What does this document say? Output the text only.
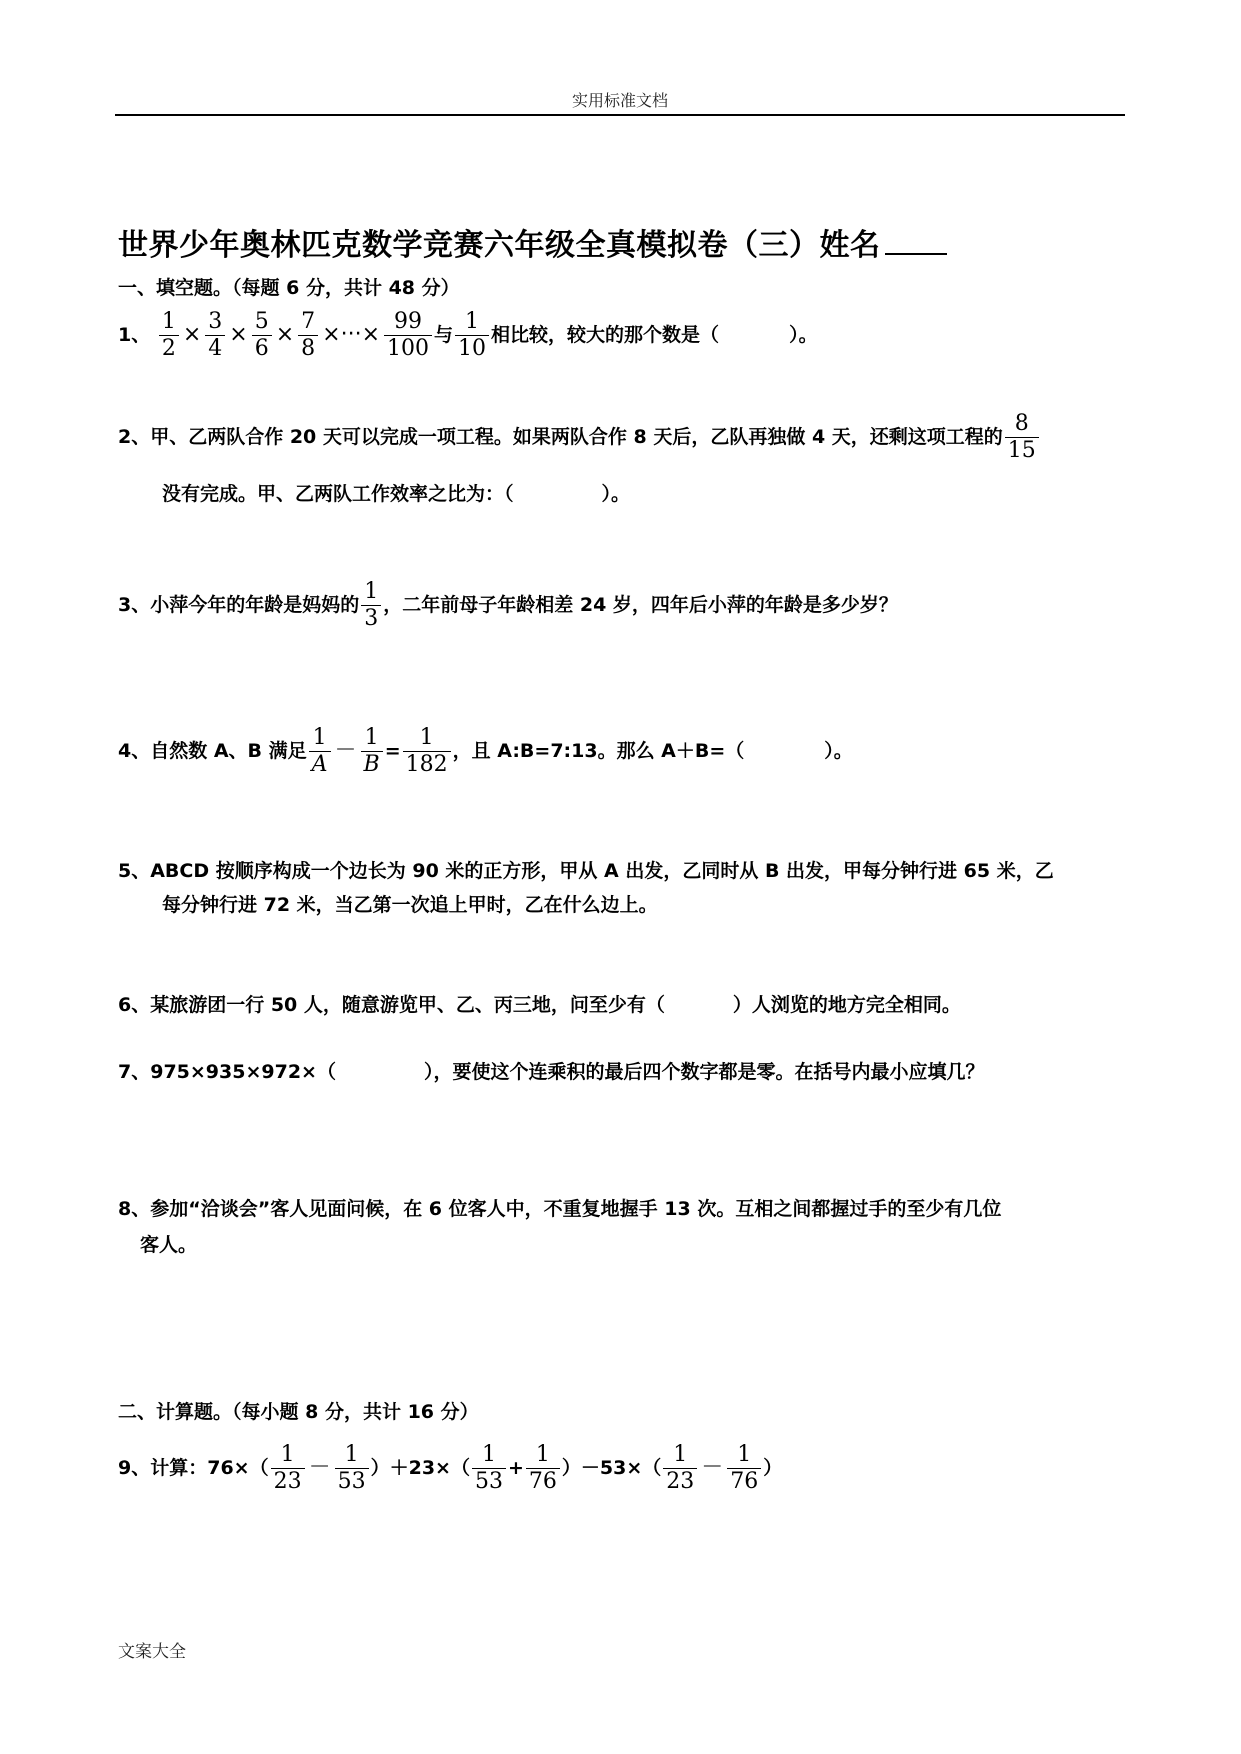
实用标准文档
世界少年奥林匹克数学竞赛六年级全真模拟卷（三）姓名
一、填空题。（每题 6 分，共计 48 分）
1、 $\frac{1}{2} \times \frac{3}{4} \times \frac{5}{6} \times \frac{7}{8}$ ×···× $\frac{99}{100}$ 与 $\frac{1}{10}$ 相比较，较大的那个数是（	）。
2、甲、乙两队合作 20 天可以完成一项工程。如果两队合作 8 天后，乙队再独做 4 天，还剩这项工程的 $\frac{8}{15}$
没有完成。甲、乙两队工作效率之比为：（	）。
3、小萍今年的年龄是妈妈的 $\frac{1}{3}$ ，二年前母子年龄相差 24 岁，四年后小萍的年龄是多少岁？
4、自然数 A、B 满足 $\frac{1}{A} - \frac{1}{B} = \frac{1}{182}$ ，且 A:B=7:13。那么 A＋B=（	）。
5、ABCD 按顺序构成一个边长为 90 米的正方形，甲从 A 出发，乙同时从 B 出发，甲每分钟行进 65 米，乙
每分钟行进 72 米，当乙第一次追上甲时，乙在什么边上。
6、某旅游团一行 50 人，随意游览甲、乙、丙三地，问至少有（	）人浏览的地方完全相同。
7、975×935×972×（	），要使这个连乘积的最后四个数字都是零。在括号内最小应填几？
8、参加“洽谈会”客人见面问候，在 6 位客人中，不重复地握手 13 次。互相之间都握过手的至少有几位
客人。
二、计算题。（每小题 8 分，共计 16 分）
9、计算：$76\times( \frac{1}{23} - \frac{1}{53} )+23\times( \frac{1}{53} + \frac{1}{76} )-53\times( \frac{1}{23} - \frac{1}{76}$ ）
文案大全
